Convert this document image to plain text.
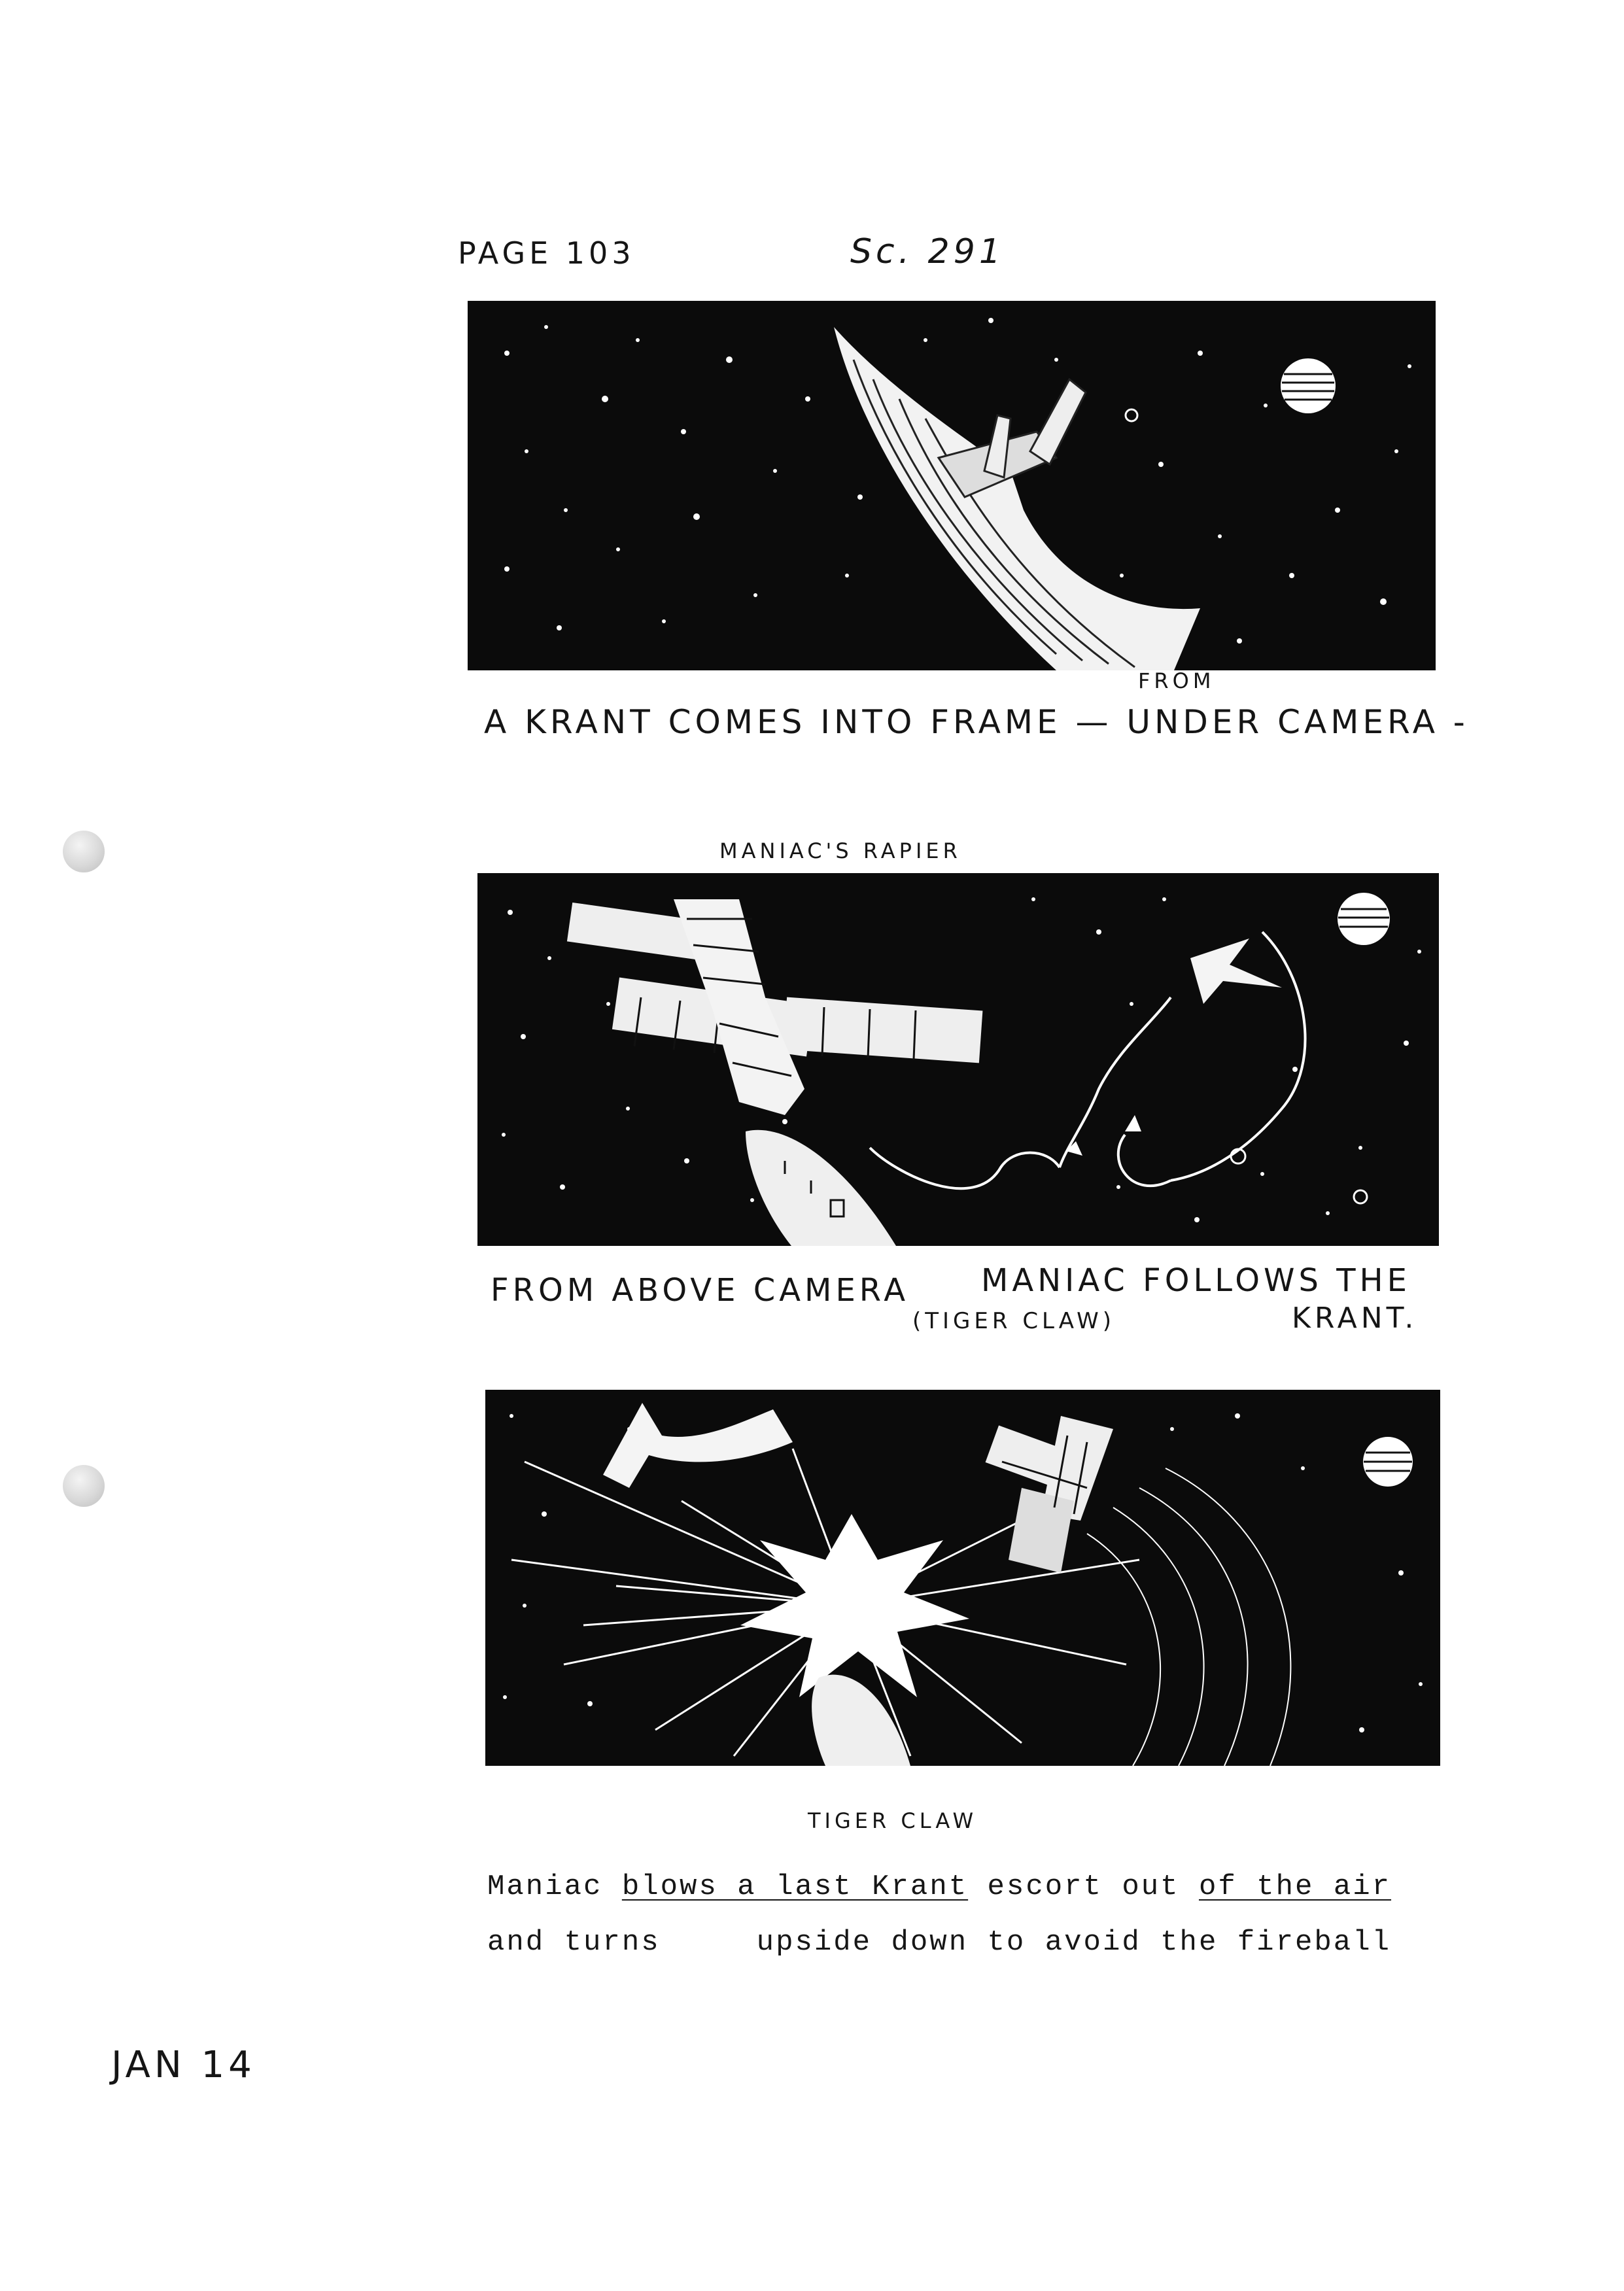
PAGE 103	Sc. 291
FROM
A KRANT COMES INTO FRAME — UNDER CAMERA -
MANIAC'S RAPIER
FROM ABOVE CAMERA MANIAC FOLLOWS THE
KRANT.
(TIGER CLAW)
TIGER CLAW
Maniac blows a last Krant escort out of the air
and turns     upside down to avoid the fireball
JAN 14
